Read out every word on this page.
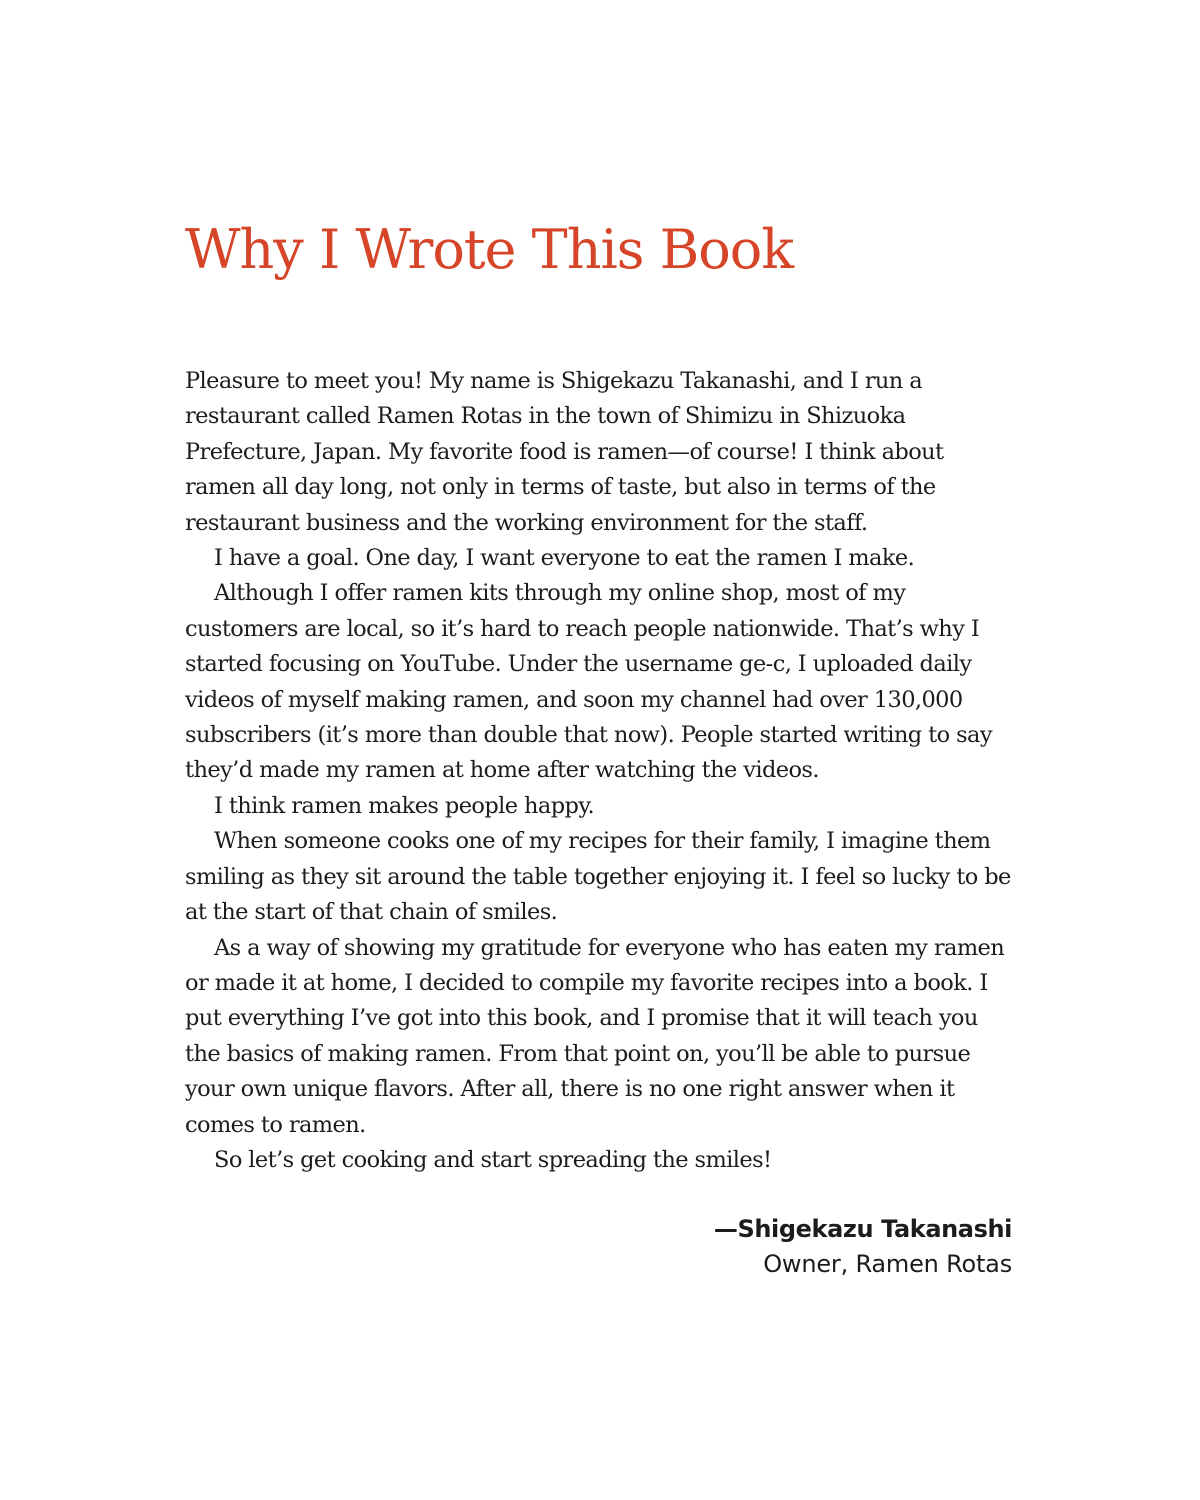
Why I Wrote This Book

Pleasure to meet you! My name is Shigekazu Takanashi, and I run a restaurant called Ramen Rotas in the town of Shimizu in Shizuoka Prefecture, Japan. My favorite food is ramen—of course! I think about ramen all day long, not only in terms of taste, but also in terms of the restaurant business and the working environment for the staff.

I have a goal. One day, I want everyone to eat the ramen I make.

Although I offer ramen kits through my online shop, most of my customers are local, so it’s hard to reach people nationwide. That’s why I started focusing on YouTube. Under the username ge-c, I uploaded daily videos of myself making ramen, and soon my channel had over 130,000 subscribers (it’s more than double that now). People started writing to say they’d made my ramen at home after watching the videos.

I think ramen makes people happy.

When someone cooks one of my recipes for their family, I imagine them smiling as they sit around the table together enjoying it. I feel so lucky to be at the start of that chain of smiles.

As a way of showing my gratitude for everyone who has eaten my ramen or made it at home, I decided to compile my favorite recipes into a book. I put everything I’ve got into this book, and I promise that it will teach you the basics of making ramen. From that point on, you’ll be able to pursue your own unique flavors. After all, there is no one right answer when it comes to ramen.

So let’s get cooking and start spreading the smiles!

—Shigekazu Takanashi
Owner, Ramen Rotas
